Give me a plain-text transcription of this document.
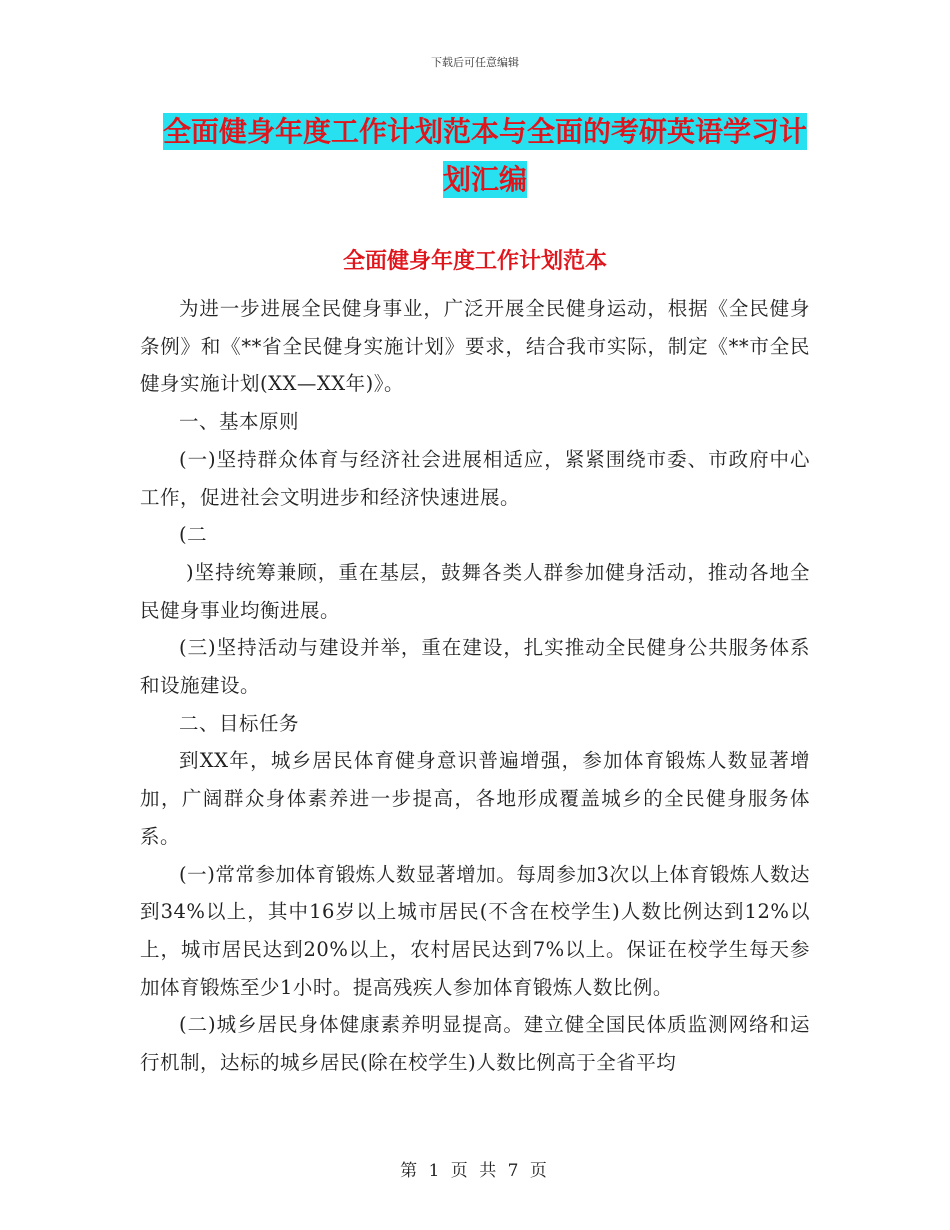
下载后可任意编辑
全面健身年度工作计划范本与全面的考研英语学习计
划汇编
全面健身年度工作计划范本

为进一步进展全民健身事业，广泛开展全民健身运动，根据《全民健身条例》和《**省全民健身实施计划》要求，结合我市实际，制定《**市全民健身实施计划(XX—XX年)》。

一、基本原则

(一)坚持群众体育与经济社会进展相适应，紧紧围绕市委、市政府中心工作，促进社会文明进步和经济快速进展。

(二

)坚持统筹兼顾，重在基层，鼓舞各类人群参加健身活动，推动各地全民健身事业均衡进展。

(三)坚持活动与建设并举，重在建设，扎实推动全民健身公共服务体系和设施建设。

二、目标任务

到XX年，城乡居民体育健身意识普遍增强，参加体育锻炼人数显著增加，广阔群众身体素养进一步提高，各地形成覆盖城乡的全民健身服务体系。

(一)常常参加体育锻炼人数显著增加。每周参加3次以上体育锻炼人数达到34%以上，其中16岁以上城市居民(不含在校学生)人数比例达到12%以上，城市居民达到20%以上，农村居民达到7%以上。保证在校学生每天参加体育锻炼至少1小时。提高残疾人参加体育锻炼人数比例。

(二)城乡居民身体健康素养明显提高。建立健全国民体质监测网络和运行机制，达标的城乡居民(除在校学生)人数比例高于全省平均

第 1 页 共 7 页
